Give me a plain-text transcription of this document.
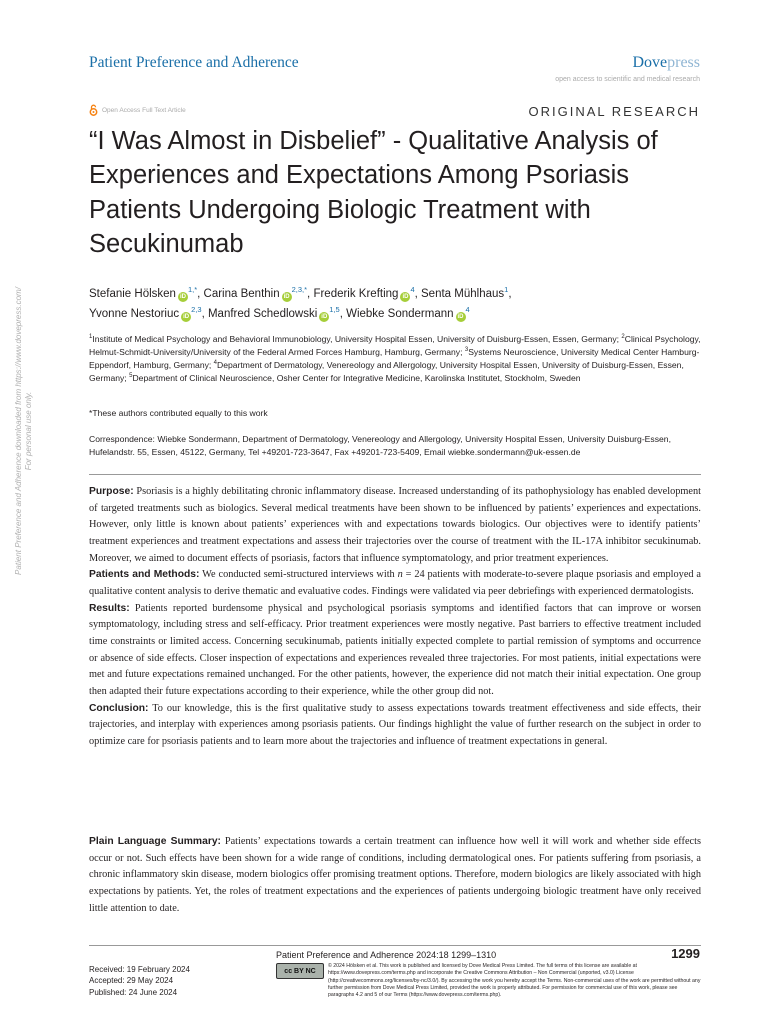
Patient Preference and Adherence	Dovepress
open access to scientific and medical research
Open Access Full Text Article	ORIGINAL RESEARCH
“I Was Almost in Disbelief” - Qualitative Analysis of Experiences and Expectations Among Psoriasis Patients Undergoing Biologic Treatment with Secukinumab
Stefanie Hölsken $iD^{1,*}$, Carina Benthin $iD^{2,3,*}$, Frederik Krefting $iD^4$, Senta Mühlhaus$^1$,
Yvonne Nestoriuc iD$^{2,3}$, Manfred Schedlowski iD$^{1,5}$, Wiebke Sondermann $iD^4$
$^1$Institute of Medical Psychology and Behavioral Immunobiology, University Hospital Essen, University of Duisburg-Essen, Essen, Germany; $^2$Clinical Psychology, Helmut-Schmidt-University/University of the Federal Armed Forces Hamburg, Hamburg, Germany; $^3$Systems Neuroscience, University Medical Center Hamburg-Eppendorf, Hamburg, Germany; $^4$Department of Dermatology, Venereology and Allergology, University Hospital Essen, University of Duisburg-Essen, Essen, Germany; $^5$Department of Clinical Neuroscience, Osher Center for Integrative Medicine, Karolinska Institutet, Stockholm, Sweden
*These authors contributed equally to this work
Correspondence: Wiebke Sondermann, Department of Dermatology, Venereology and Allergology, University Hospital Essen, University Duisburg-Essen, Hufelandstr. 55, Essen, 45122, Germany, Tel +49201-723-3647, Fax +49201-723-5409, Email wiebke.sondermann@uk-essen.de

Purpose: Psoriasis is a highly debilitating chronic inflammatory disease. Increased understanding of its pathophysiology has enabled development of targeted treatments such as biologics. Several medical treatments have been shown to be influenced by patients’ experiences and expectations. However, only little is known about patients’ experiences with and expectations towards biologics. Our objectives were to identify patients’ treatment experiences and treatment expectations and assess their trajectories over the course of treatment with the IL-17A inhibitor secukinumab. Moreover, we aimed to document effects of psoriasis, factors that influence symptomatology, and prior treatment experiences.

Patients and Methods: We conducted semi-structured interviews with n = 24 patients with moderate-to-severe plaque psoriasis and employed a qualitative content analysis to derive thematic and evaluative codes. Findings were validated via peer debriefings with experienced dermatologists.

Results: Patients reported burdensome physical and psychological psoriasis symptoms and identified factors that can improve or worsen symptomatology, including stress and self-efficacy. Prior treatment experiences were mostly negative. Past barriers to effective treatment included time constraints or limited access. Concerning secukinumab, patients initially expected complete to partial remission of symptoms and occurrence or absence of side effects. Closer inspection of expectations and experiences revealed three trajectories. For most patients, initial expectations were met and future expectations remained unchanged. For the other patients, however, the experience did not match their initial expectation. One group then adapted their future expectations according to their experience, while the other group did not.

Conclusion: To our knowledge, this is the first qualitative study to assess expectations towards treatment effectiveness and side effects, their trajectories, and interplay with experiences among psoriasis patients. Our findings highlight the value of further research on the subject in order to optimize care for psoriasis patients and to learn more about the trajectories and influence of treatment expectations in general.

Plain Language Summary: Patients’ expectations towards a certain treatment can influence how well it will work and whether side effects occur or not. Such effects have been shown for a wide range of conditions, including dermatological ones. For patients suffering from psoriasis, a chronic inflammatory skin disease, modern biologics offer promising treatment options. Therefore, modern biologics are likely associated with high expectations by patients. Yet, the roles of treatment expectations and the experiences of patients undergoing biologic treatment have only received little attention to date.
Patient Preference and Adherence downloaded from https://www.dovepress.com/ For personal use only.
Patient Preference and Adherence 2024:18 1299–1310	1299
Received: 19 February 2024
Accepted: 29 May 2024
Published: 24 June 2024
cc BY NC
© 2024 Hölsken et al. This work is published and licensed by Dove Medical Press Limited. The full terms of this license are available at https://www.dovepress.com/terms.php and incorporate the Creative Commons Attribution – Non Commercial (unported, v3.0) License (http://creativecommons.org/licenses/by-nc/3.0/). By accessing the work you hereby accept the Terms. Non-commercial uses of the work are permitted without any further permission from Dove Medical Press Limited, provided the work is properly attributed. For permission for commercial use of this work, please see paragraphs 4.2 and 5 of our Terms (https://www.dovepress.com/terms.php).
